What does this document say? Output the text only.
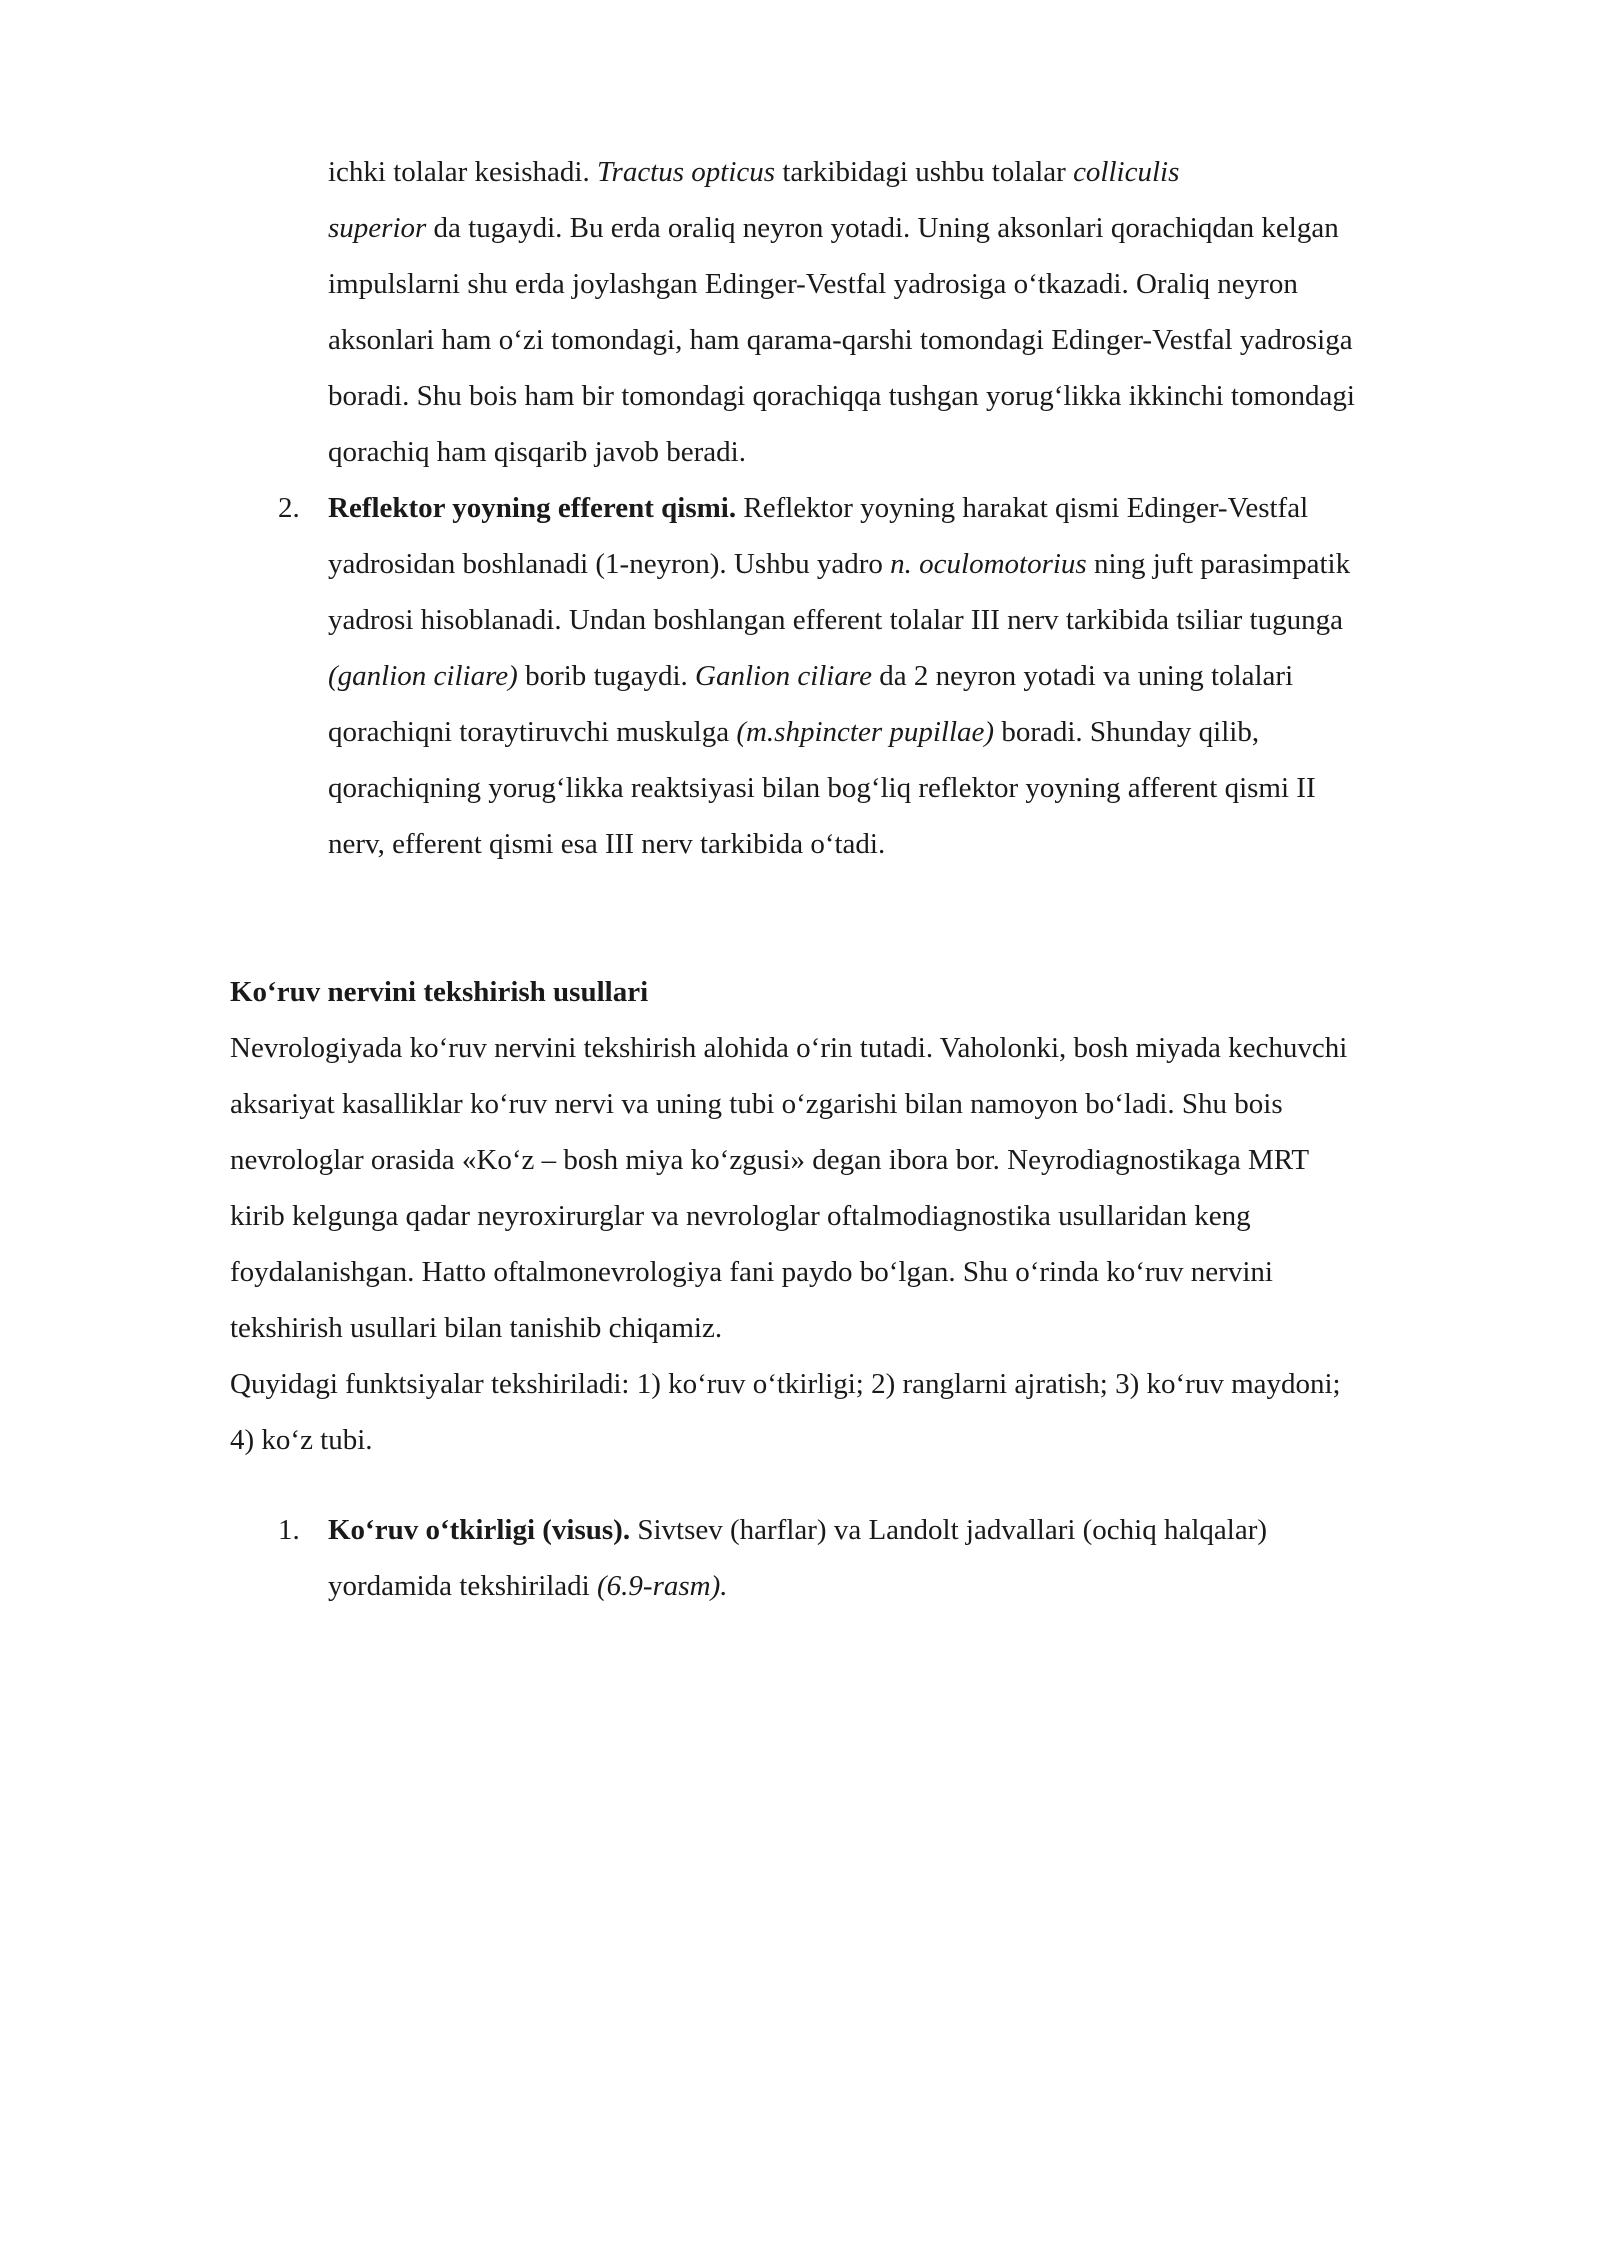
ichki tolalar kesishadi. Tractus opticus tarkibidagi ushbu tolalar colliculis
superior da tugaydi. Bu erda oraliq neyron yotadi. Uning aksonlari qorachiqdan kelgan
impulslarni shu erda joylashgan Edinger-Vestfal yadrosiga o‘tkazadi. Oraliq neyron
aksonlari ham o‘zi tomondagi, ham qarama-qarshi tomondagi Edinger-Vestfal yadrosiga
boradi. Shu bois ham bir tomondagi qorachiqqa tushgan yorug‘likka ikkinchi tomondagi
qorachiq ham qisqarib javob beradi.
2. Reflektor yoyning efferent qismi. Reflektor yoyning harakat qismi Edinger-Vestfal
yadrosidan boshlanadi (1-neyron). Ushbu yadro n. oculomotorius ning juft parasimpatik
yadrosi hisoblanadi. Undan boshlangan efferent tolalar III nerv tarkibida tsiliar tugunga
(ganlion ciliare) borib tugaydi. Ganlion ciliare da 2 neyron yotadi va uning tolalari
qorachiqni toraytiruvchi muskulga (m.shpincter pupillae) boradi. Shunday qilib,
qorachiqning yorug‘likka reaktsiyasi bilan bog‘liq reflektor yoyning afferent qismi II
nerv, efferent qismi esa III nerv tarkibida o‘tadi.
Ko‘ruv nervini tekshirish usullari
Nevrologiyada ko‘ruv nervini tekshirish alohida o‘rin tutadi. Vaholonki, bosh miyada kechuvchi
aksariyat kasalliklar ko‘ruv nervi va uning tubi o‘zgarishi bilan namoyon bo‘ladi. Shu bois
nevrologlar orasida «Ko‘z – bosh miya ko‘zgusi» degan ibora bor. Neyrodiagnostikaga MRT
kirib kelgunga qadar neyroxirurglar va nevrologlar oftalmodiagnostika usullaridan keng
foydalanishgan. Hatto oftalmonevrologiya fani paydo bo‘lgan. Shu o‘rinda ko‘ruv nervini
tekshirish usullari bilan tanishib chiqamiz.
Quyidagi funktsiyalar tekshiriladi: 1) ko‘ruv o‘tkirligi; 2) ranglarni ajratish; 3) ko‘ruv maydoni;
4) ko‘z tubi.
1. Ko‘ruv o‘tkirligi (visus). Sivtsev (harflar) va Landolt jadvallari (ochiq halqalar)
yordamida tekshiriladi (6.9-rasm).
